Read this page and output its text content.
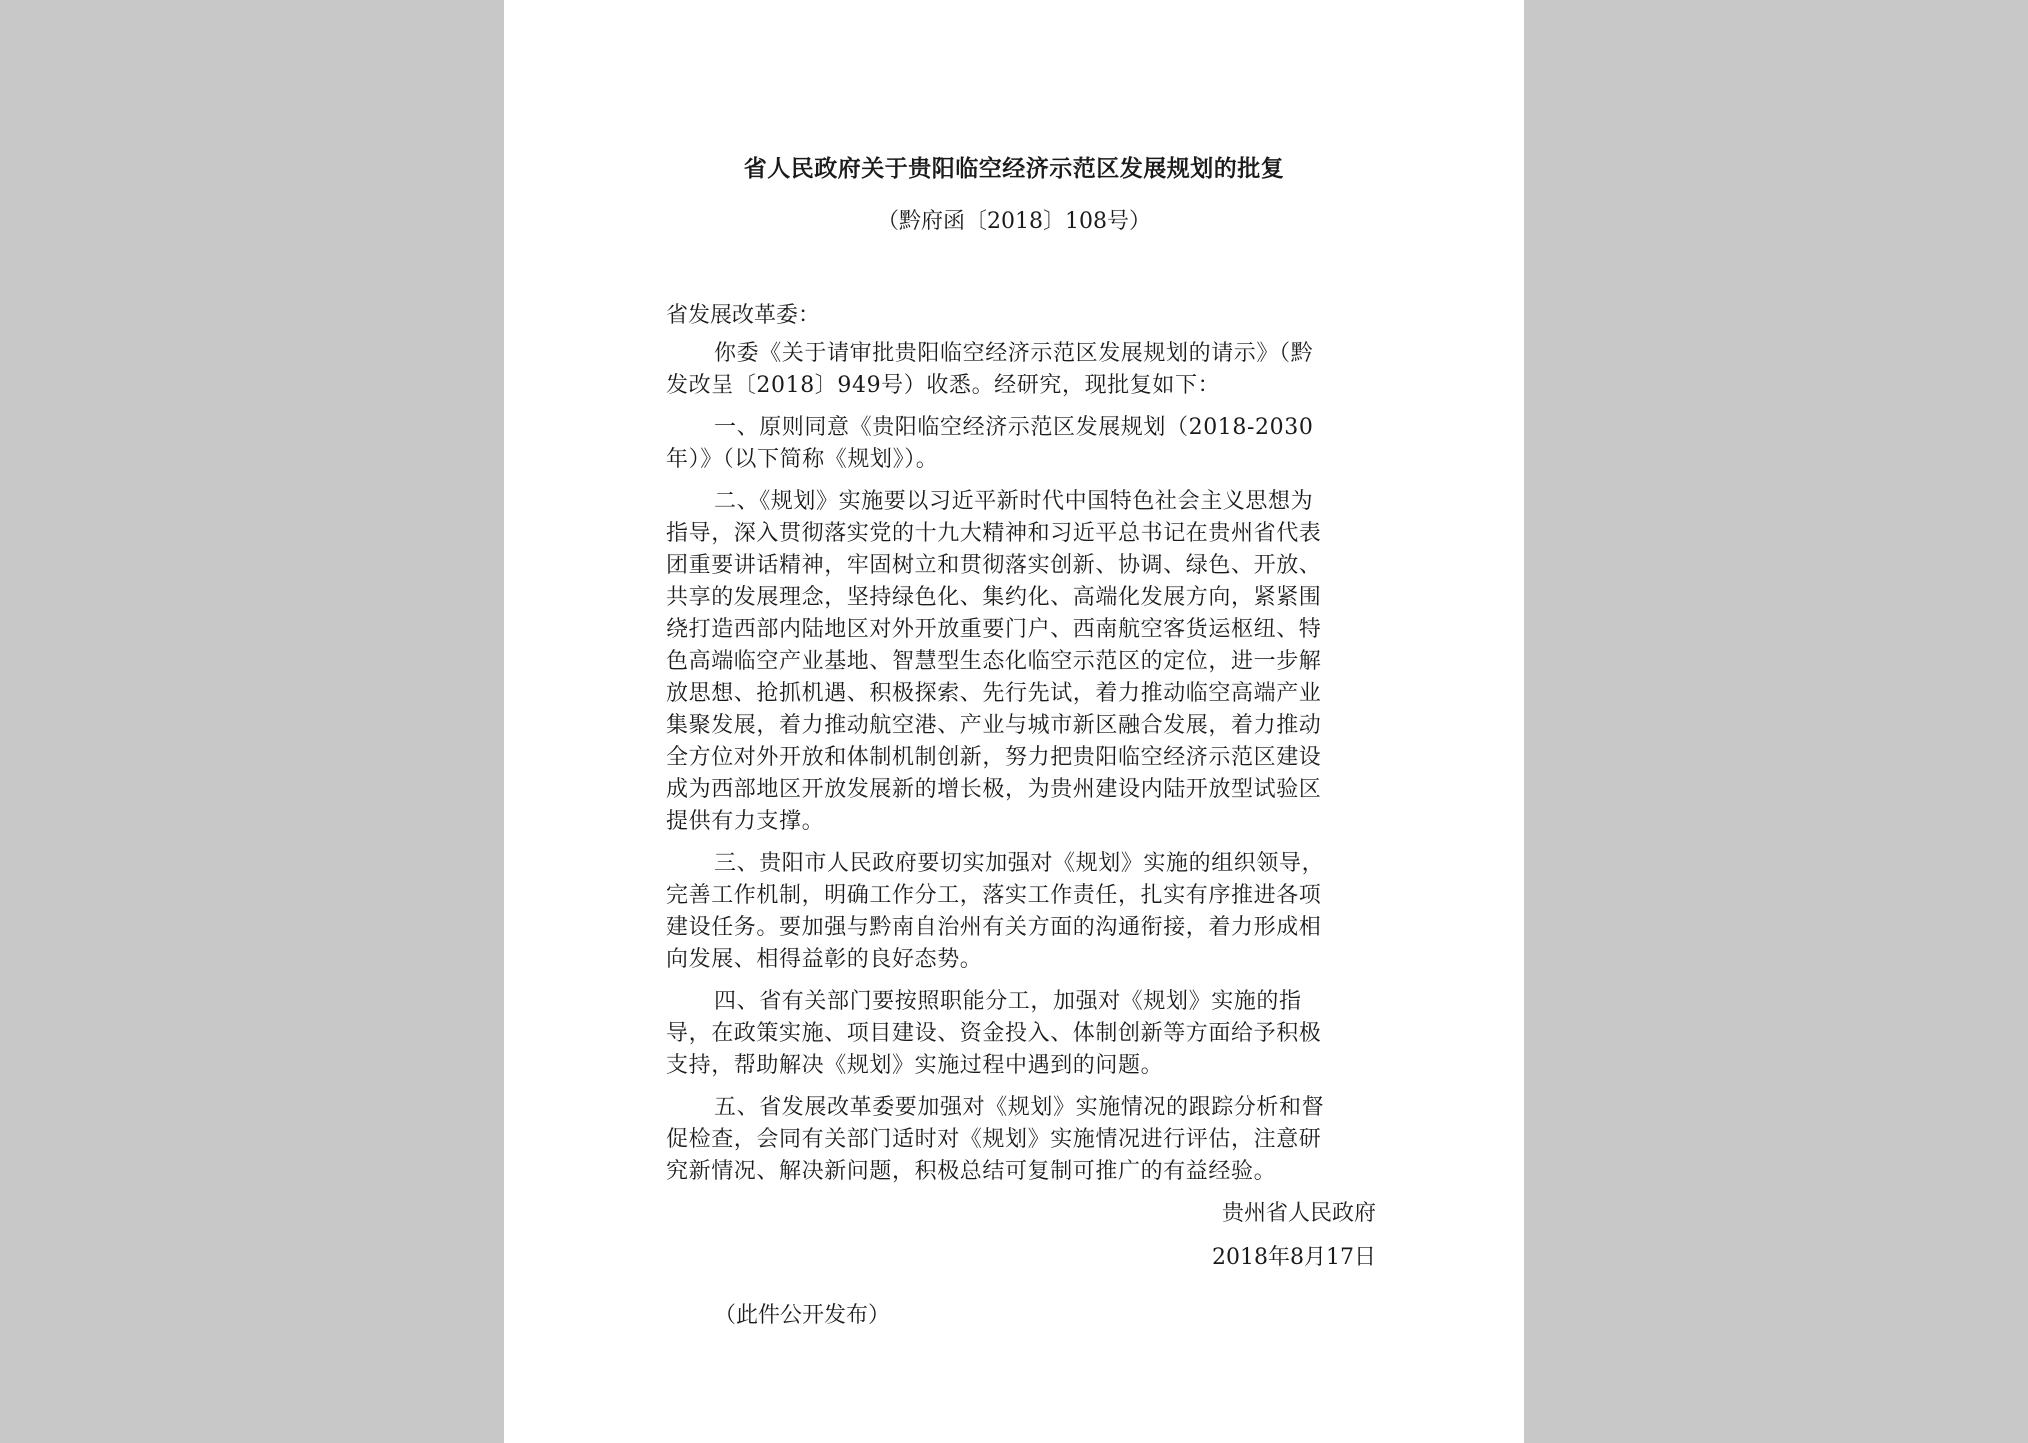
省人民政府关于贵阳临空经济示范区发展规划的批复
（黔府函〔2018〕108号）
省发展改革委：
你委《关于请审批贵阳临空经济示范区发展规划的请示》（黔
发改呈〔2018〕949号）收悉。经研究，现批复如下：
一、原则同意《贵阳临空经济示范区发展规划（2018-2030
年）》（以下简称《规划》）。
二、《规划》实施要以习近平新时代中国特色社会主义思想为
指导，深入贯彻落实党的十九大精神和习近平总书记在贵州省代表
团重要讲话精神，牢固树立和贯彻落实创新、协调、绿色、开放、
共享的发展理念，坚持绿色化、集约化、高端化发展方向，紧紧围
绕打造西部内陆地区对外开放重要门户、西南航空客货运枢纽、特
色高端临空产业基地、智慧型生态化临空示范区的定位，进一步解
放思想、抢抓机遇、积极探索、先行先试，着力推动临空高端产业
集聚发展，着力推动航空港、产业与城市新区融合发展，着力推动
全方位对外开放和体制机制创新，努力把贵阳临空经济示范区建设
成为西部地区开放发展新的增长极，为贵州建设内陆开放型试验区
提供有力支撑。
三、贵阳市人民政府要切实加强对《规划》实施的组织领导，
完善工作机制，明确工作分工，落实工作责任，扎实有序推进各项
建设任务。要加强与黔南自治州有关方面的沟通衔接，着力形成相
向发展、相得益彰的良好态势。
四、省有关部门要按照职能分工，加强对《规划》实施的指
导，在政策实施、项目建设、资金投入、体制创新等方面给予积极
支持，帮助解决《规划》实施过程中遇到的问题。
五、省发展改革委要加强对《规划》实施情况的跟踪分析和督
促检查，会同有关部门适时对《规划》实施情况进行评估，注意研
究新情况、解决新问题，积极总结可复制可推广的有益经验。
贵州省人民政府
2018年8月17日
（此件公开发布）
